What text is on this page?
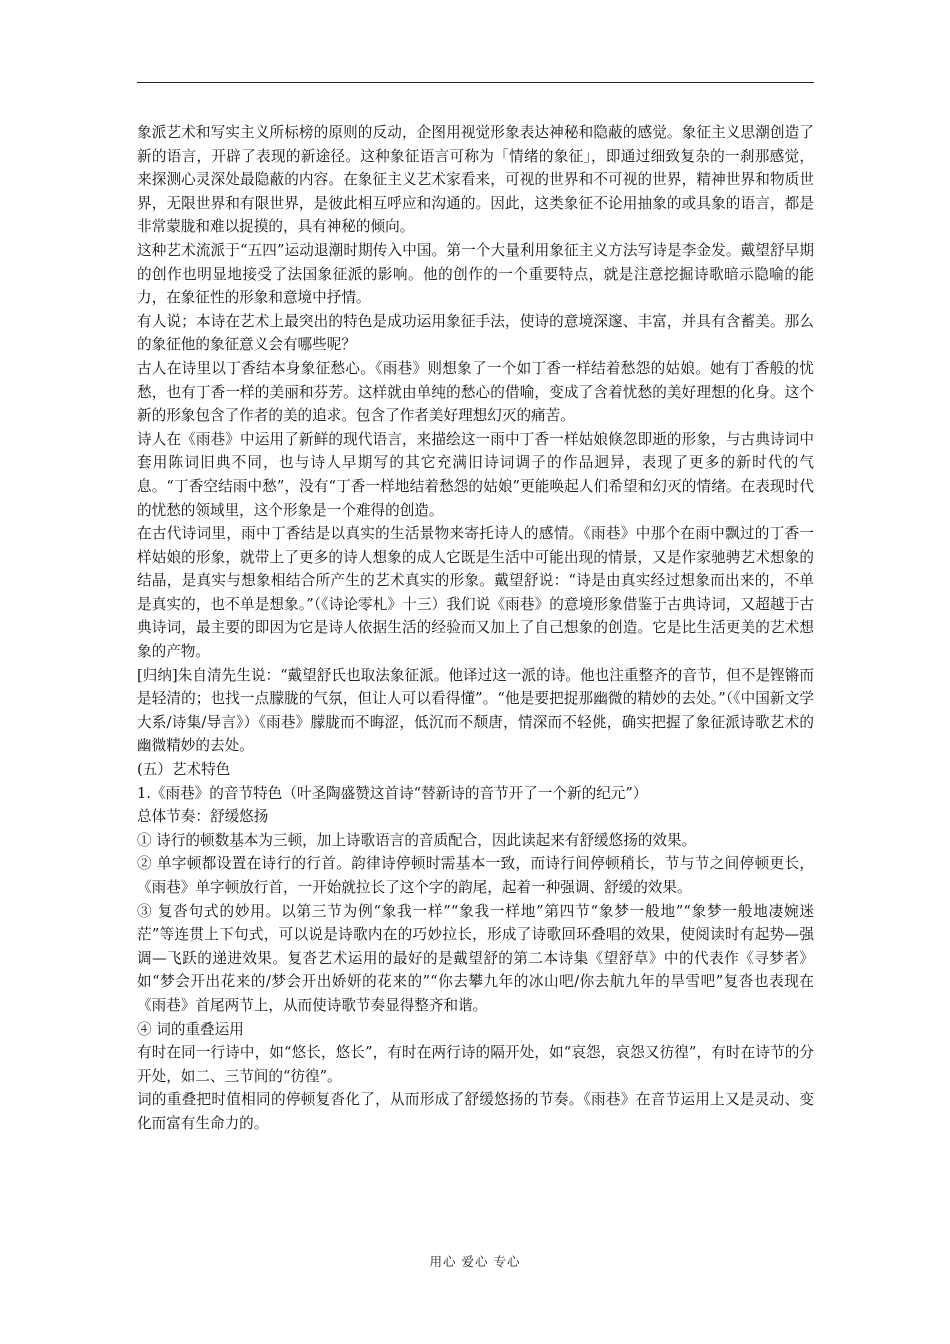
象派艺术和写实主义所标榜的原则的反动，企图用视觉形象表达神秘和隐蔽的感觉。象征主义思潮创造了新的语言，开辟了表现的新途径。这种象征语言可称为「情绪的象征」，即通过细致复杂的一刹那感觉，来探测心灵深处最隐蔽的内容。在象征主义艺术家看来，可视的世界和不可视的世界，精神世界和物质世界，无限世界和有限世界，是彼此相互呼应和沟通的。因此，这类象征不论用抽象的或具象的语言，都是非常蒙胧和难以捉摸的，具有神秘的倾向。

这种艺术流派于“五四”运动退潮时期传入中国。第一个大量利用象征主义方法写诗是李金发。戴望舒早期的创作也明显地接受了法国象征派的影响。他的创作的一个重要特点，就是注意挖掘诗歌暗示隐喻的能力，在象征性的形象和意境中抒情。

有人说；本诗在艺术上最突出的特色是成功运用象征手法，使诗的意境深邃、丰富，并具有含蓄美。那么的象征他的象征意义会有哪些呢？

古人在诗里以丁香结本身象征愁心。《雨巷》则想象了一个如丁香一样结着愁怨的姑娘。她有丁香般的忧愁，也有丁香一样的美丽和芬芳。这样就由单纯的愁心的借喻，变成了含着忧愁的美好理想的化身。这个新的形象包含了作者的美的追求。包含了作者美好理想幻灭的痛苦。

诗人在《雨巷》中运用了新鲜的现代语言，来描绘这一雨中丁香一样姑娘倏忽即逝的形象，与古典诗词中套用陈词旧典不同，也与诗人早期写的其它充满旧诗词调子的作品迥异，表现了更多的新时代的气息。“丁香空结雨中愁”，没有“丁香一样地结着愁怨的姑娘”更能唤起人们希望和幻灭的情绪。在表现时代的忧愁的领域里，这个形象是一个难得的创造。

在古代诗词里，雨中丁香结是以真实的生活景物来寄托诗人的感情。《雨巷》中那个在雨中飘过的丁香一样姑娘的形象，就带上了更多的诗人想象的成人它既是生活中可能出现的情景，又是作家驰骋艺术想象的结晶，是真实与想象相结合所产生的艺术真实的形象。戴望舒说：“诗是由真实经过想象而出来的，不单是真实的，也不单是想象。”（《诗论零札》十三）我们说《雨巷》的意境形象借鉴于古典诗词，又超越于古典诗词，最主要的即因为它是诗人依据生活的经验而又加上了自己想象的创造。它是比生活更美的艺术想象的产物。

[归纳]朱自清先生说：“戴望舒氏也取法象征派。他译过这一派的诗。他也注重整齐的音节，但不是铿锵而是轻清的；也找一点朦胧的气氛，但让人可以看得懂”。“他是要把捉那幽微的精妙的去处。”（《中国新文学大系/诗集/导言》）《雨巷》朦胧而不晦涩，低沉而不颓唐，情深而不轻佻，确实把握了象征派诗歌艺术的幽微精妙的去处。

(五）艺术特色

1.《雨巷》的音节特色（叶圣陶盛赞这首诗“替新诗的音节开了一个新的纪元”）

总体节奏：舒缓悠扬

① 诗行的顿数基本为三顿，加上诗歌语言的音质配合，因此读起来有舒缓悠扬的效果。

② 单字顿都设置在诗行的行首。韵律诗停顿时需基本一致，而诗行间停顿稍长，节与节之间停顿更长，《雨巷》单字顿放行首，一开始就拉长了这个字的韵尾，起着一种强调、舒缓的效果。

③ 复沓句式的妙用。以第三节为例“象我一样”“象我一样地”第四节“象梦一般地”“象梦一般地凄婉迷茫”等连贯上下句式，可以说是诗歌内在的巧妙拉长，形成了诗歌回环叠唱的效果，使阅读时有起势—强调—飞跃的递进效果。复沓艺术运用的最好的是戴望舒的第二本诗集《望舒草》中的代表作《寻梦者》如“梦会开出花来的/梦会开出娇妍的花来的”“你去攀九年的冰山吧/你去航九年的旱雪吧”复沓也表现在《雨巷》首尾两节上，从而使诗歌节奏显得整齐和谐。

④ 词的重叠运用

有时在同一行诗中，如“悠长，悠长”，有时在两行诗的隔开处，如“哀怨，哀怨又彷徨”，有时在诗节的分开处，如二、三节间的“彷徨”。

词的重叠把时值相同的停顿复沓化了，从而形成了舒缓悠扬的节奏。《雨巷》在音节运用上又是灵动、变化而富有生命力的。

用心 爱心 专心
